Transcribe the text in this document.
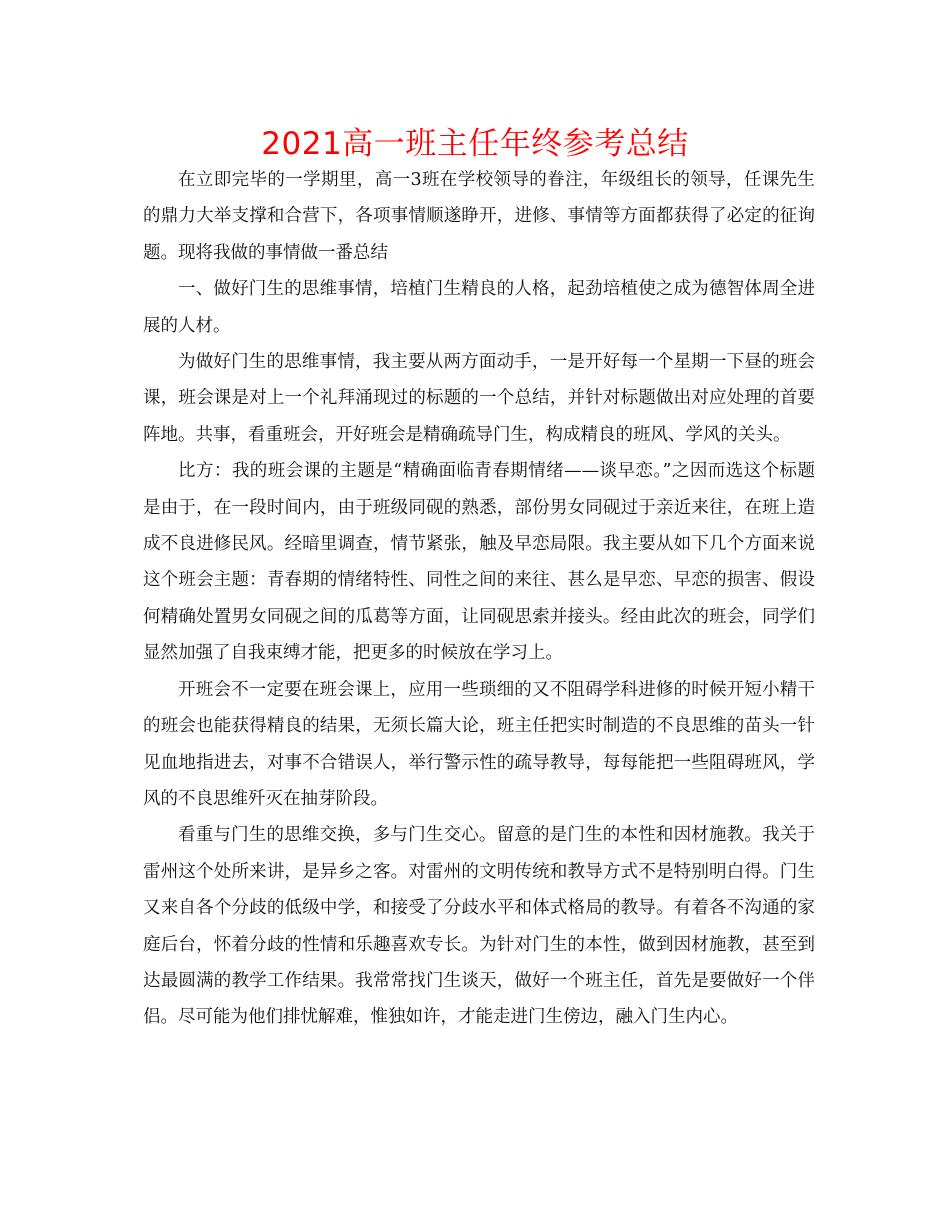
2021高一班主任年终参考总结

在立即完毕的一学期里，高一3班在学校领导的眷注，年级组长的领导，任课先生的鼎力大举支撑和合营下，各项事情顺遂睁开，进修、事情等方面都获得了必定的征询题。现将我做的事情做一番总结

一、做好门生的思维事情，培植门生精良的人格，起劲培植使之成为德智体周全进展的人材。

为做好门生的思维事情，我主要从两方面动手，一是开好每一个星期一下昼的班会课，班会课是对上一个礼拜涌现过的标题的一个总结，并针对标题做出对应处理的首要阵地。共事，看重班会，开好班会是精确疏导门生，构成精良的班风、学风的关头。

比方：我的班会课的主题是“精确面临青春期情绪——谈早恋。”之因而选这个标题是由于，在一段时间内，由于班级同砚的熟悉，部份男女同砚过于亲近来往，在班上造成不良进修民风。经暗里调查，情节紧张，触及早恋局限。我主要从如下几个方面来说这个班会主题：青春期的情绪特性、同性之间的来往、甚么是早恋、早恋的损害、假设何精确处置男女同砚之间的瓜葛等方面，让同砚思索并接头。经由此次的班会，同学们显然加强了自我束缚才能，把更多的时候放在学习上。

开班会不一定要在班会课上，应用一些琐细的又不阻碍学科进修的时候开短小精干的班会也能获得精良的结果，无须长篇大论，班主任把实时制造的不良思维的苗头一针见血地指进去，对事不合错误人，举行警示性的疏导教导，每每能把一些阻碍班风，学风的不良思维歼灭在抽芽阶段。

看重与门生的思维交换，多与门生交心。留意的是门生的本性和因材施教。我关于雷州这个处所来讲，是异乡之客。对雷州的文明传统和教导方式不是特别明白得。门生又来自各个分歧的低级中学，和接受了分歧水平和体式格局的教导。有着各不沟通的家庭后台，怀着分歧的性情和乐趣喜欢专长。为针对门生的本性，做到因材施教，甚至到达最圆满的教学工作结果。我常常找门生谈天，做好一个班主任，首先是要做好一个伴侣。尽可能为他们排忧解难，惟独如许，才能走进门生傍边，融入门生内心。
